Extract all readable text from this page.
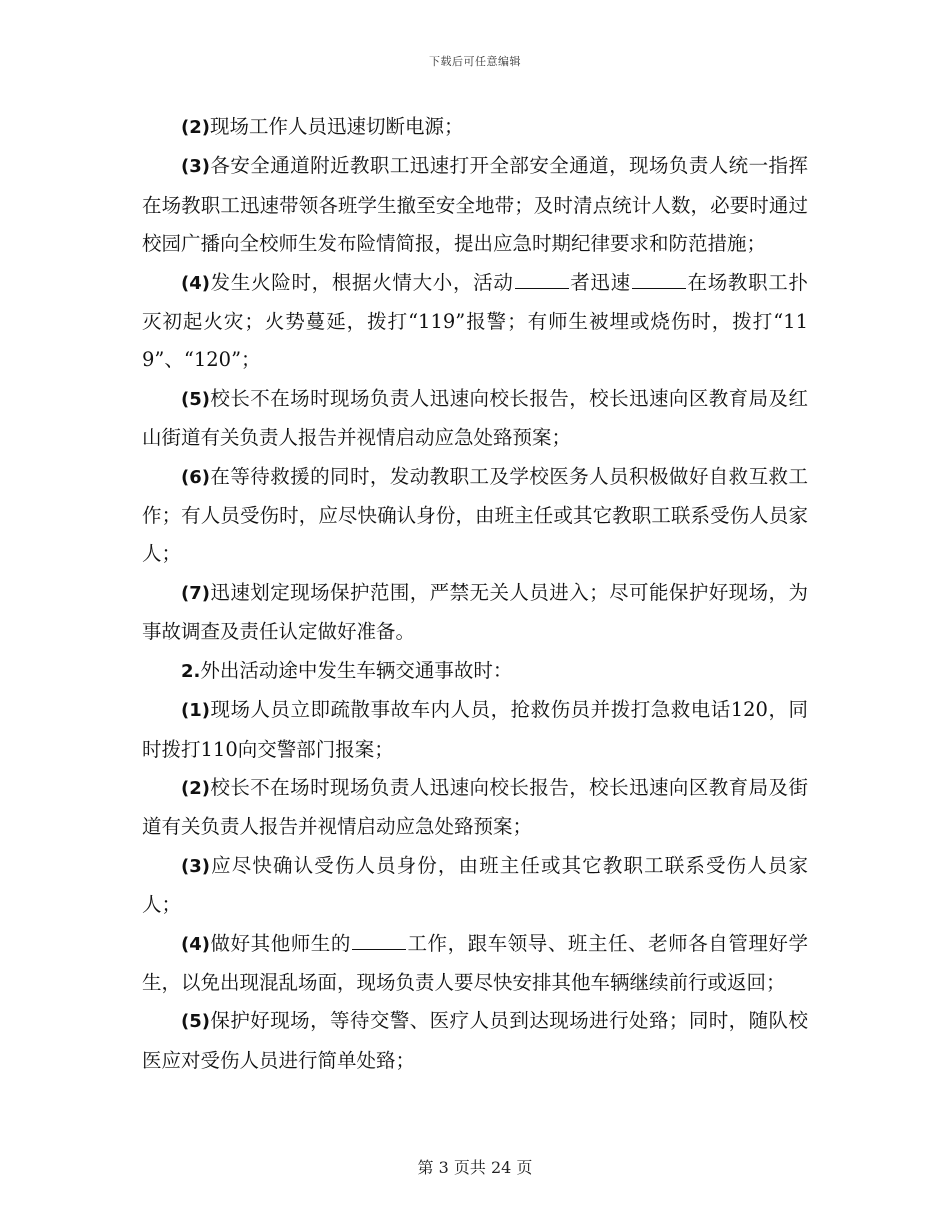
下载后可任意编辑

(2)现场工作人员迅速切断电源；

(3)各安全通道附近教职工迅速打开全部安全通道，现场负责人统一指挥在场教职工迅速带领各班学生撤至安全地带；及时清点统计人数，必要时通过校园广播向全校师生发布险情简报，提出应急时期纪律要求和防范措施；

(4)发生火险时，根据火情大小，活动	者迅速	在场教职工扑灭初起火灾；火势蔓延，拨打“119”报警；有师生被埋或烧伤时，拨打“119”、“120”；

(5)校长不在场时现场负责人迅速向校长报告，校长迅速向区教育局及红山街道有关负责人报告并视情启动应急处臵预案；

(6)在等待救援的同时，发动教职工及学校医务人员积极做好自救互救工作；有人员受伤时，应尽快确认身份，由班主任或其它教职工联系受伤人员家人；

(7)迅速划定现场保护范围，严禁无关人员进入；尽可能保护好现场，为事故调查及责任认定做好准备。

2.外出活动途中发生车辆交通事故时：

(1)现场人员立即疏散事故车内人员，抢救伤员并拨打急救电话120，同时拨打110向交警部门报案；

(2)校长不在场时现场负责人迅速向校长报告，校长迅速向区教育局及街道有关负责人报告并视情启动应急处臵预案；

(3)应尽快确认受伤人员身份，由班主任或其它教职工联系受伤人员家人；

(4)做好其他师生的	工作，跟车领导、班主任、老师各自管理好学生，以免出现混乱场面，现场负责人要尽快安排其他车辆继续前行或返回；

(5)保护好现场，等待交警、医疗人员到达现场进行处臵；同时，随队校医应对受伤人员进行简单处臵；

第 3 页共 24 页
